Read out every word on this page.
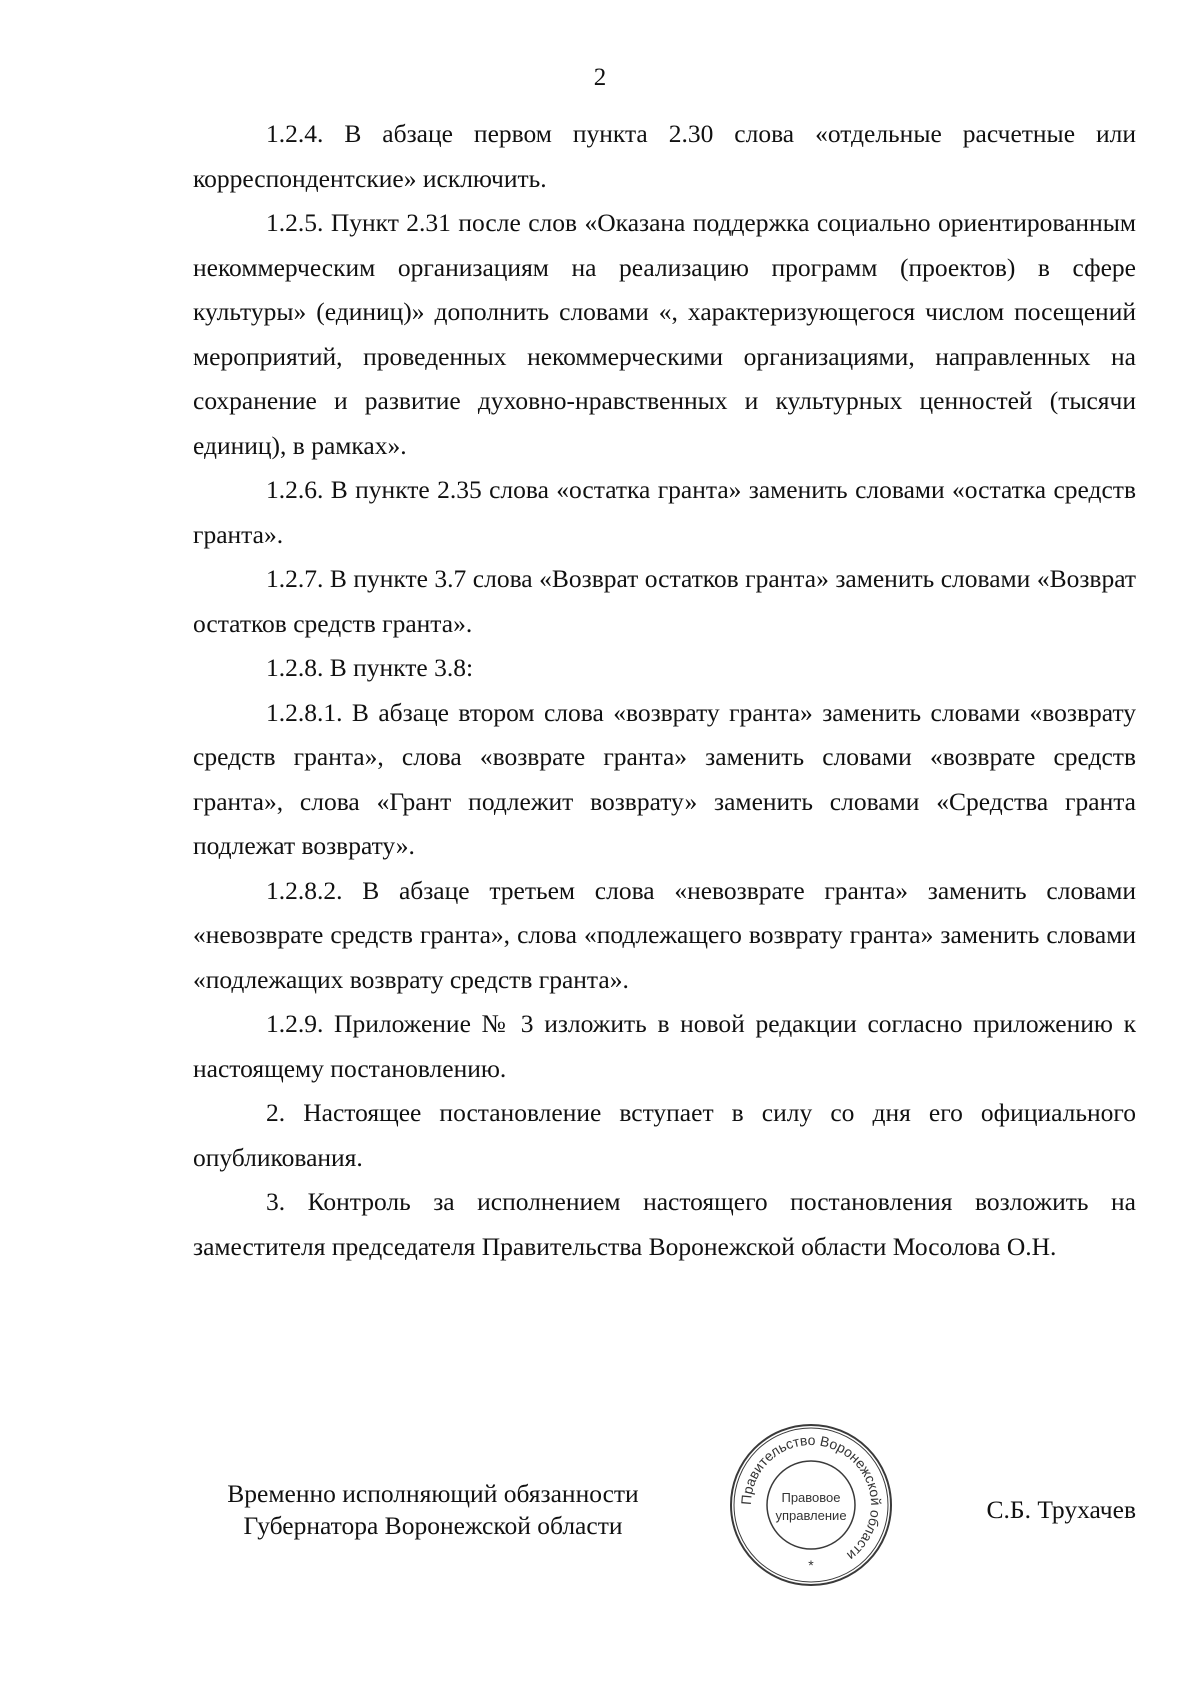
2

1.2.4. В абзаце первом пункта 2.30 слова «отдельные расчетные или корреспондентские» исключить.

1.2.5. Пункт 2.31 после слов «Оказана поддержка социально ориентированным некоммерческим организациям на реализацию программ (проектов) в сфере культуры» (единиц)» дополнить словами «, характеризующегося числом посещений мероприятий, проведенных некоммерческими организациями, направленных на сохранение и развитие духовно-нравственных и культурных ценностей (тысячи единиц), в рамках».

1.2.6. В пункте 2.35 слова «остатка гранта» заменить словами «остатка средств гранта».

1.2.7. В пункте 3.7 слова «Возврат остатков гранта» заменить словами «Возврат остатков средств гранта».

1.2.8. В пункте 3.8:

1.2.8.1. В абзаце втором слова «возврату гранта» заменить словами «возврату средств гранта», слова «возврате гранта» заменить словами «возврате средств гранта», слова «Грант подлежит возврату» заменить словами «Средства гранта подлежат возврату».

1.2.8.2. В абзаце третьем слова «невозврате гранта» заменить словами «невозврате средств гранта», слова «подлежащего возврату гранта» заменить словами «подлежащих возврату средств гранта».

1.2.9. Приложение № 3 изложить в новой редакции согласно приложению к настоящему постановлению.

2. Настоящее постановление вступает в силу со дня его официального опубликования.

3. Контроль за исполнением настоящего постановления возложить на заместителя председателя Правительства Воронежской области Мосолова О.Н.

Временно исполняющий обязанности
Губернатора Воронежской области
Правительство Воронежской области
Правовое
управление
*
С.Б. Трухачев
